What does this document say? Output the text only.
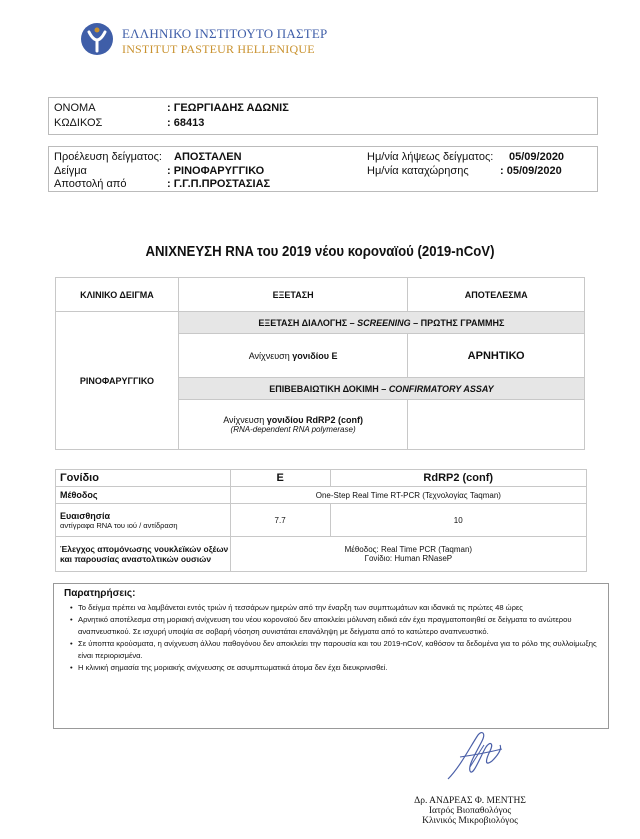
ΕΛΛΗΝΙΚΟ ΙΝΣΤΙΤΟΥΤΟ ΠΑΣΤΕΡ
INSTITUT PASTEUR HELLENIQUE
ΟΝΟΜΑ	: ΓΕΩΡΓΙΑΔΗΣ ΑΔΩΝΙΣ
ΚΩΔΙΚΟΣ	: 68413
Προέλευση δείγματος: ΑΠΟΣΤΑΛΕΝ
Δείγμα	: ΡΙΝΟΦΑΡΥΓΓΙΚΟ
Αποστολή από	: Γ.Γ.Π.ΠΡΟΣΤΑΣΙΑΣ
Ημ/νία λήψεως δείγματος: 05/09/2020
Ημ/νία καταχώρησης	: 05/09/2020
ΑΝΙΧΝΕΥΣΗ RNA του 2019 νέου κοροναϊού (2019-nCoV)
ΚΛΙΝΙΚΟ ΔΕΙΓΜΑ	ΕΞΕΤΑΣΗ	ΑΠΟΤΕΛΕΣΜΑ
ΡΙΝΟΦΑΡΥΓΓΙΚΟ	ΕΞΕΤΑΣΗ ΔΙΑΛΟΓΗΣ – SCREENING – ΠΡΩΤΗΣ ΓΡΑΜΜΗΣ	
	Ανίχνευση γονιδίου Ε	ΑΡΝΗΤΙΚΟ
	ΕΠΙΒΕΒΑΙΩΤΙΚΗ ΔΟΚΙΜΗ – CONFIRMATORY ASSAY	

	Ανίχνευση γονιδίου RdRP2 (conf)
(RNA-dependent RNA polymerase)	

Γονίδιο	E	RdRP2 (conf)
Μέθοδος	One-Step Real Time RT-PCR (Τεχνολογίας Taqman)	

Ευαισθησία
αντίγραφα RNA του ιού / αντίδραση	7.7	10
Έλεγχος απομόνωσης νουκλεϊκών οξέων και παρουσίας αναστολτικών ουσιών	Μέθοδος: Real Time PCR (Taqman)
Γονίδιο: Human RNaseP	
Παρατηρήσεις:
• Το δείγμα πρέπει να λαμβάνεται εντός τριών ή τεσσάρων ημερών από την έναρξη των συμπτωμάτων και ιδανικά τις πρώτες 48 ώρες
• Αρνητικό αποτέλεσμα στη μοριακή ανίχνευση του νέου κορονοϊού δεν αποκλείει μόλυνση ειδικά εάν έχει πραγματοποιηθεί σε δείγματα το ανώτερου αναπνευστικού. Σε ισχυρή υποψία σε σοβαρή νόσηση συνιστάται επανάληψη με δείγματα από το κατώτερο αναπνευστικό.
• Σε ύποπτα κρούσματα, η ανίχνευση άλλου παθογόνου δεν αποκλείει την παρουσία και του 2019-nCoV, καθόσον τα δεδομένα για το ρόλο της συλλοίμωξης είναι περιορισμένα.
• Η κλινική σημασία της μοριακής ανίχνευσης σε ασυμπτωματικά άτομα δεν έχει διευκρινισθεί.
Δρ. ΑΝΔΡΕΑΣ Φ. ΜΕΝΤΗΣ
Ιατρός Βιοπαθολόγος
Κλινικός Μικροβιολόγος
